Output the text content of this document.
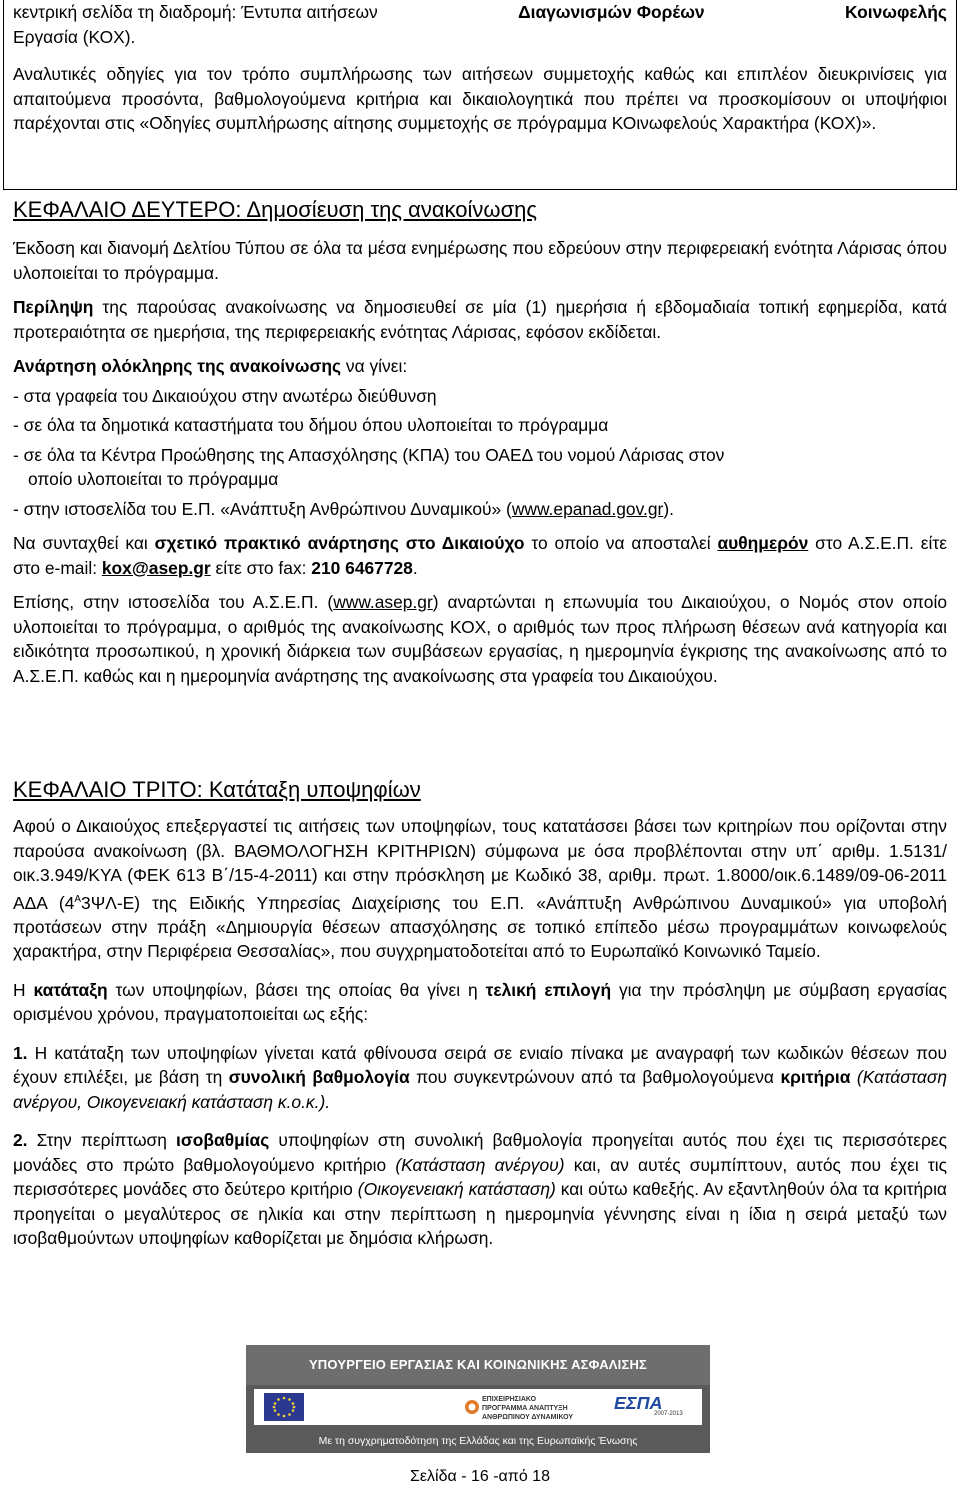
κεντρική σελίδα τη διαδρομή: Έντυπα αιτήσεων	Διαγωνισμών Φορέων	Κοινωφελής
Εργασία (ΚΟΧ).

Αναλυτικές οδηγίες για τον τρόπο συμπλήρωσης των αιτήσεων συμμετοχής καθώς και επιπλέον διευκρινίσεις για απαιτούμενα προσόντα, βαθμολογούμενα κριτήρια και δικαιολογητικά που πρέπει να προσκομίσουν οι υποψήφιοι παρέχονται στις «Οδηγίες συμπλήρωσης αίτησης συμμετοχής σε πρόγραμμα ΚΟινωφελούς Χαρακτήρα (ΚΟΧ)».

ΚΕΦΑΛΑΙΟ ΔΕΥΤΕΡΟ: Δημοσίευση της ανακοίνωσης

Έκδοση και διανομή Δελτίου Τύπου σε όλα τα μέσα ενημέρωσης που εδρεύουν στην περιφερειακή ενότητα Λάρισας όπου υλοποιείται το πρόγραμμα.

Περίληψη της παρούσας ανακοίνωσης να δημοσιευθεί σε μία (1) ημερήσια ή εβδομαδιαία τοπική εφημερίδα, κατά προτεραιότητα σε ημερήσια, της περιφερειακής ενότητας Λάρισας, εφόσον εκδίδεται.

Ανάρτηση ολόκληρης της ανακοίνωσης να γίνει:

- στα γραφεία του Δικαιούχου στην ανωτέρω διεύθυνση

- σε όλα τα δημοτικά καταστήματα του δήμου όπου υλοποιείται το πρόγραμμα

- σε όλα τα Κέντρα Προώθησης της Απασχόλησης (ΚΠΑ) του ΟΑΕΔ του νομού Λάρισας στον
οποίο υλοποιείται το πρόγραμμα

- στην ιστοσελίδα του Ε.Π. «Ανάπτυξη Ανθρώπινου Δυναμικού» (www.epanad.gov.gr).

Να συνταχθεί και σχετικό πρακτικό ανάρτησης στο Δικαιούχο το οποίο να αποσταλεί αυθημερόν στο Α.Σ.Ε.Π. είτε στο e-mail: kox@asep.gr είτε στο fax: 210 6467728.

Επίσης, στην ιστοσελίδα του Α.Σ.Ε.Π. (www.asep.gr) αναρτώνται η επωνυμία του Δικαιούχου, ο Νομός στον οποίο υλοποιείται το πρόγραμμα, ο αριθμός της ανακοίνωσης ΚΟΧ, ο αριθμός των προς πλήρωση θέσεων ανά κατηγορία και ειδικότητα προσωπικού, η χρονική διάρκεια των συμβάσεων εργασίας, η ημερομηνία έγκρισης της ανακοίνωσης από το Α.Σ.Ε.Π. καθώς και η ημερομηνία ανάρτησης της ανακοίνωσης στα γραφεία του Δικαιούχου.

ΚΕΦΑΛΑΙΟ ΤΡΙΤΟ: Κατάταξη υποψηφίων

Αφού ο Δικαιούχος επεξεργαστεί τις αιτήσεις των υποψηφίων, τους κατατάσσει βάσει των κριτηρίων που ορίζονται στην παρούσα ανακοίνωση (βλ. ΒΑΘΜΟΛΟΓΗΣΗ ΚΡΙΤΗΡΙΩΝ) σύμφωνα με όσα προβλέπονται στην υπ΄ αριθμ. 1.5131/οικ.3.949/ΚΥΑ (ΦΕΚ 613 Β΄/15-4-2011) και στην πρόσκληση με Κωδικό 38, αριθμ. πρωτ. 1.8000/οικ.6.1489/09-06-2011 ΑΔΑ $(4^A3\Psi\Lambda-E)$ της Ειδικής Υπηρεσίας Διαχείρισης του Ε.Π. «Ανάπτυξη Ανθρώπινου Δυναμικού» για υποβολή προτάσεων στην πράξη «Δημιουργία θέσεων απασχόλησης σε τοπικό επίπεδο μέσω προγραμμάτων κοινωφελούς χαρακτήρα, στην Περιφέρεια Θεσσαλίας», που συγχρηματοδοτείται από το Ευρωπαϊκό Κοινωνικό Ταμείο.

Η κατάταξη των υποψηφίων, βάσει της οποίας θα γίνει η τελική επιλογή για την πρόσληψη με σύμβαση εργασίας ορισμένου χρόνου, πραγματοποιείται ως εξής:

1. Η κατάταξη των υποψηφίων γίνεται κατά φθίνουσα σειρά σε ενιαίο πίνακα με αναγραφή των κωδικών θέσεων που έχουν επιλέξει, με βάση τη συνολική βαθμολογία που συγκεντρώνουν από τα βαθμολογούμενα κριτήρια (Κατάσταση ανέργου, Οικογενειακή κατάσταση κ.ο.κ.).

2. Στην περίπτωση ισοβαθμίας υποψηφίων στη συνολική βαθμολογία προηγείται αυτός που έχει τις περισσότερες μονάδες στο πρώτο βαθμολογούμενο κριτήριο (Κατάσταση ανέργου) και, αν αυτές συμπίπτουν, αυτός που έχει τις περισσότερες μονάδες στο δεύτερο κριτήριο (Οικογενειακή κατάσταση) και ούτω καθεξής. Αν εξαντληθούν όλα τα κριτήρια προηγείται ο μεγαλύτερος σε ηλικία και στην περίπτωση η ημερομηνία γέννησης είναι η ίδια η σειρά μεταξύ των ισοβαθμούντων υποψηφίων καθορίζεται με δημόσια κλήρωση.

ΥΠΟΥΡΓΕΙΟ ΕΡΓΑΣΙΑΣ ΚΑΙ ΚΟΙΝΩΝΙΚΗΣ ΑΣΦΑΛΙΣΗΣ
ΕΠΙΧΕΙΡΗΣΙΑΚΟ ΠΡΟΓΡΑΜΜΑ ΑΝΑΠΤΥΞΗ ΑΝΘΡΩΠΙΝΟΥ ΔΥΝΑΜΙΚΟΥ
ΕΣΠΑ
2007-2013
Με τη συγχρηματοδότηση της Ελλάδας και της Ευρωπαϊκής Ένωσης
Σελίδα - 16 -από 18
